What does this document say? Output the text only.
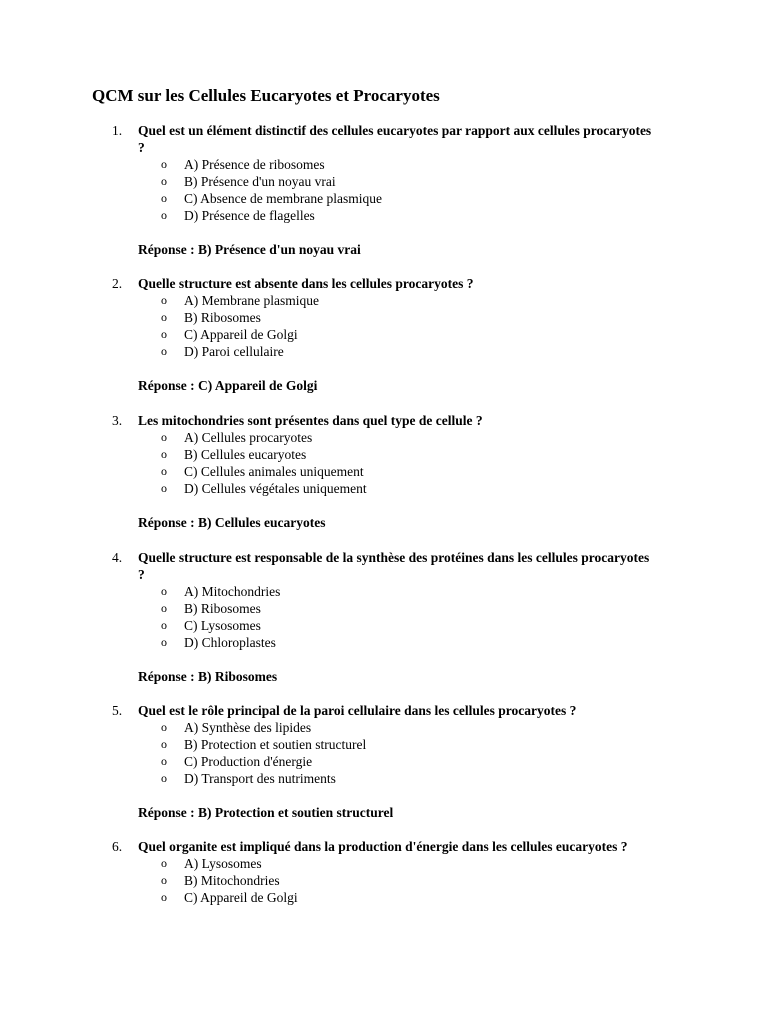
QCM sur les Cellules Eucaryotes et Procaryotes
1.	Quel est un élément distinctif des cellules eucaryotes par rapport aux cellules procaryotes ?
o A) Présence de ribosomes
o B) Présence d'un noyau vrai
o C) Absence de membrane plasmique
o D) Présence de flagelles
Réponse : B) Présence d'un noyau vrai
2.	Quelle structure est absente dans les cellules procaryotes ?
o A) Membrane plasmique
o B) Ribosomes
o C) Appareil de Golgi
o D) Paroi cellulaire
Réponse : C) Appareil de Golgi
3.	Les mitochondries sont présentes dans quel type de cellule ?
o A) Cellules procaryotes
o B) Cellules eucaryotes
o C) Cellules animales uniquement
o D) Cellules végétales uniquement
Réponse : B) Cellules eucaryotes
4.	Quelle structure est responsable de la synthèse des protéines dans les cellules procaryotes ?
o A) Mitochondries
o B) Ribosomes
o C) Lysosomes
o D) Chloroplastes
Réponse : B) Ribosomes
5.	Quel est le rôle principal de la paroi cellulaire dans les cellules procaryotes ?
o A) Synthèse des lipides
o B) Protection et soutien structurel
o C) Production d'énergie
o D) Transport des nutriments
Réponse : B) Protection et soutien structurel
6.	Quel organite est impliqué dans la production d'énergie dans les cellules eucaryotes ?
o A) Lysosomes
o B) Mitochondries
o C) Appareil de Golgi
